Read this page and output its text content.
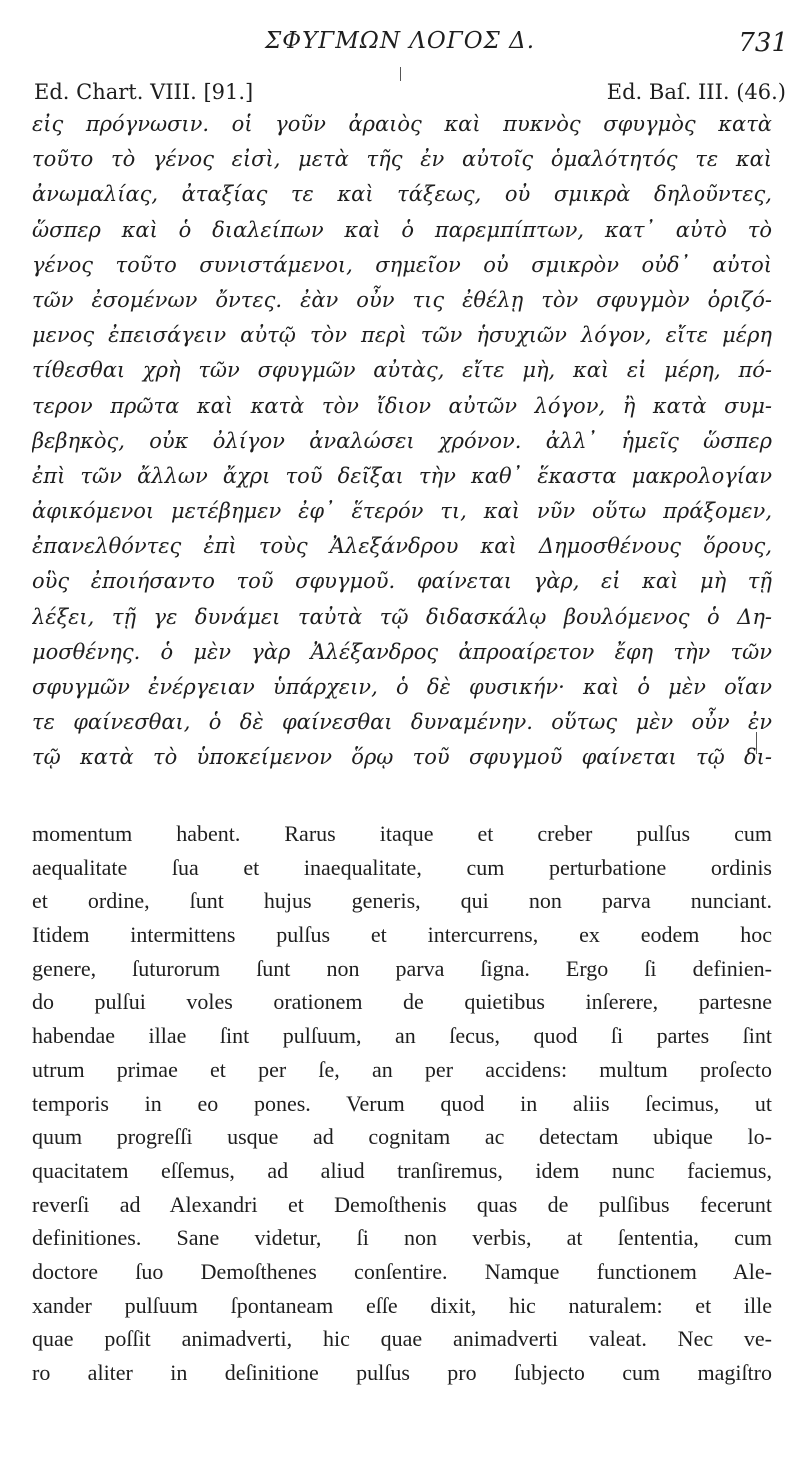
ΣΦΥΓΜΩΝ ΛΟΓΟΣ Δ.	731
Ed. Chart. VIII. [91.]	Ed. Baſ. III. (46.)
εἰς πρόγνωσιν. οἱ γοῦν ἀραιὸς καὶ πυκνὸς σφυγμὸς κατὰ
τοῦτο τὸ γένος εἰσὶ, μετὰ τῆς ἐν αὐτοῖς ὁμαλότητός τε καὶ
ἀνωμαλίας, ἀταξίας τε καὶ τάξεως, οὐ σμικρὰ δηλοῦντες,
ὥσπερ καὶ ὁ διαλείπων καὶ ὁ παρεμπίπτων, κατ᾽ αὐτὸ τὸ
γένος τοῦτο συνιστάμενοι, σημεῖον οὐ σμικρὸν οὐδ᾽ αὐτοὶ
τῶν ἐσομένων ὄντες. ἐὰν οὖν τις ἐθέλῃ τὸν σφυγμὸν ὁριζό-
μενος ἐπεισάγειν αὐτῷ τὸν περὶ τῶν ἡσυχιῶν λόγον, εἴτε μέρη
τίθεσθαι χρὴ τῶν σφυγμῶν αὐτὰς, εἴτε μὴ, καὶ εἰ μέρη, πό-
τερον πρῶτα καὶ κατὰ τὸν ἴδιον αὐτῶν λόγον, ἢ κατὰ συμ-
βεβηκὸς, οὐκ ὀλίγον ἀναλώσει χρόνον. ἀλλ᾽ ἡμεῖς ὥσπερ
ἐπὶ τῶν ἄλλων ἄχρι τοῦ δεῖξαι τὴν καθ᾽ ἕκαστα μακρολογίαν
ἀφικόμενοι μετέβημεν ἐφ᾽ ἕτερόν τι, καὶ νῦν οὕτω πράξομεν,
ἐπανελθόντες ἐπὶ τοὺς Ἀλεξάνδρου καὶ Δημοσθένους ὅρους,
οὓς ἐποιήσαντο τοῦ σφυγμοῦ. φαίνεται γὰρ, εἰ καὶ μὴ τῇ
λέξει, τῇ γε δυνάμει ταὐτὰ τῷ διδασκάλῳ βουλόμενος ὁ Δη-
μοσθένης. ὁ μὲν γὰρ Ἀλέξανδρος ἀπροαίρετον ἔφη τὴν τῶν
σφυγμῶν ἐνέργειαν ὑπάρχειν, ὁ δὲ φυσικήν· καὶ ὁ μὲν οἵαν
τε φαίνεσθαι, ὁ δὲ φαίνεσθαι δυναμένην. οὕτως μὲν οὖν ἐν
τῷ κατὰ τὸ ὑποκείμενον ὅρῳ τοῦ σφυγμοῦ φαίνεται τῷ δι-
momentum habent. Rarus itaque et creber pulſus cum
aequalitate ſua et inaequalitate, cum perturbatione ordinis
et ordine, ſunt hujus generis, qui non parva nunciant.
Itidem intermittens pulſus et intercurrens, ex eodem hoc
genere, ſuturorum ſunt non parva ſigna. Ergo ſi definien-
do pulſui voles orationem de quietibus inſerere, partesne
habendae illae ſint pulſuum, an ſecus, quod ſi partes ſint
utrum primae et per ſe, an per accidens: multum proſecto
temporis in eo pones. Verum quod in aliis ſecimus, ut
quum progreſſi usque ad cognitam ac detectam ubique lo-
quacitatem eſſemus, ad aliud tranſiremus, idem nunc faciemus,
reverſi ad Alexandri et Demoſthenis quas de pulſibus fecerunt
definitiones. Sane videtur, ſi non verbis, at ſententia, cum
doctore ſuo Demoſthenes conſentire. Namque functionem Ale-
xander pulſuum ſpontaneam eſſe dixit, hic naturalem: et ille
quae poſſit animadverti, hic quae animadverti valeat. Nec ve-
ro aliter in deſinitione pulſus pro ſubjecto cum magiſtro
